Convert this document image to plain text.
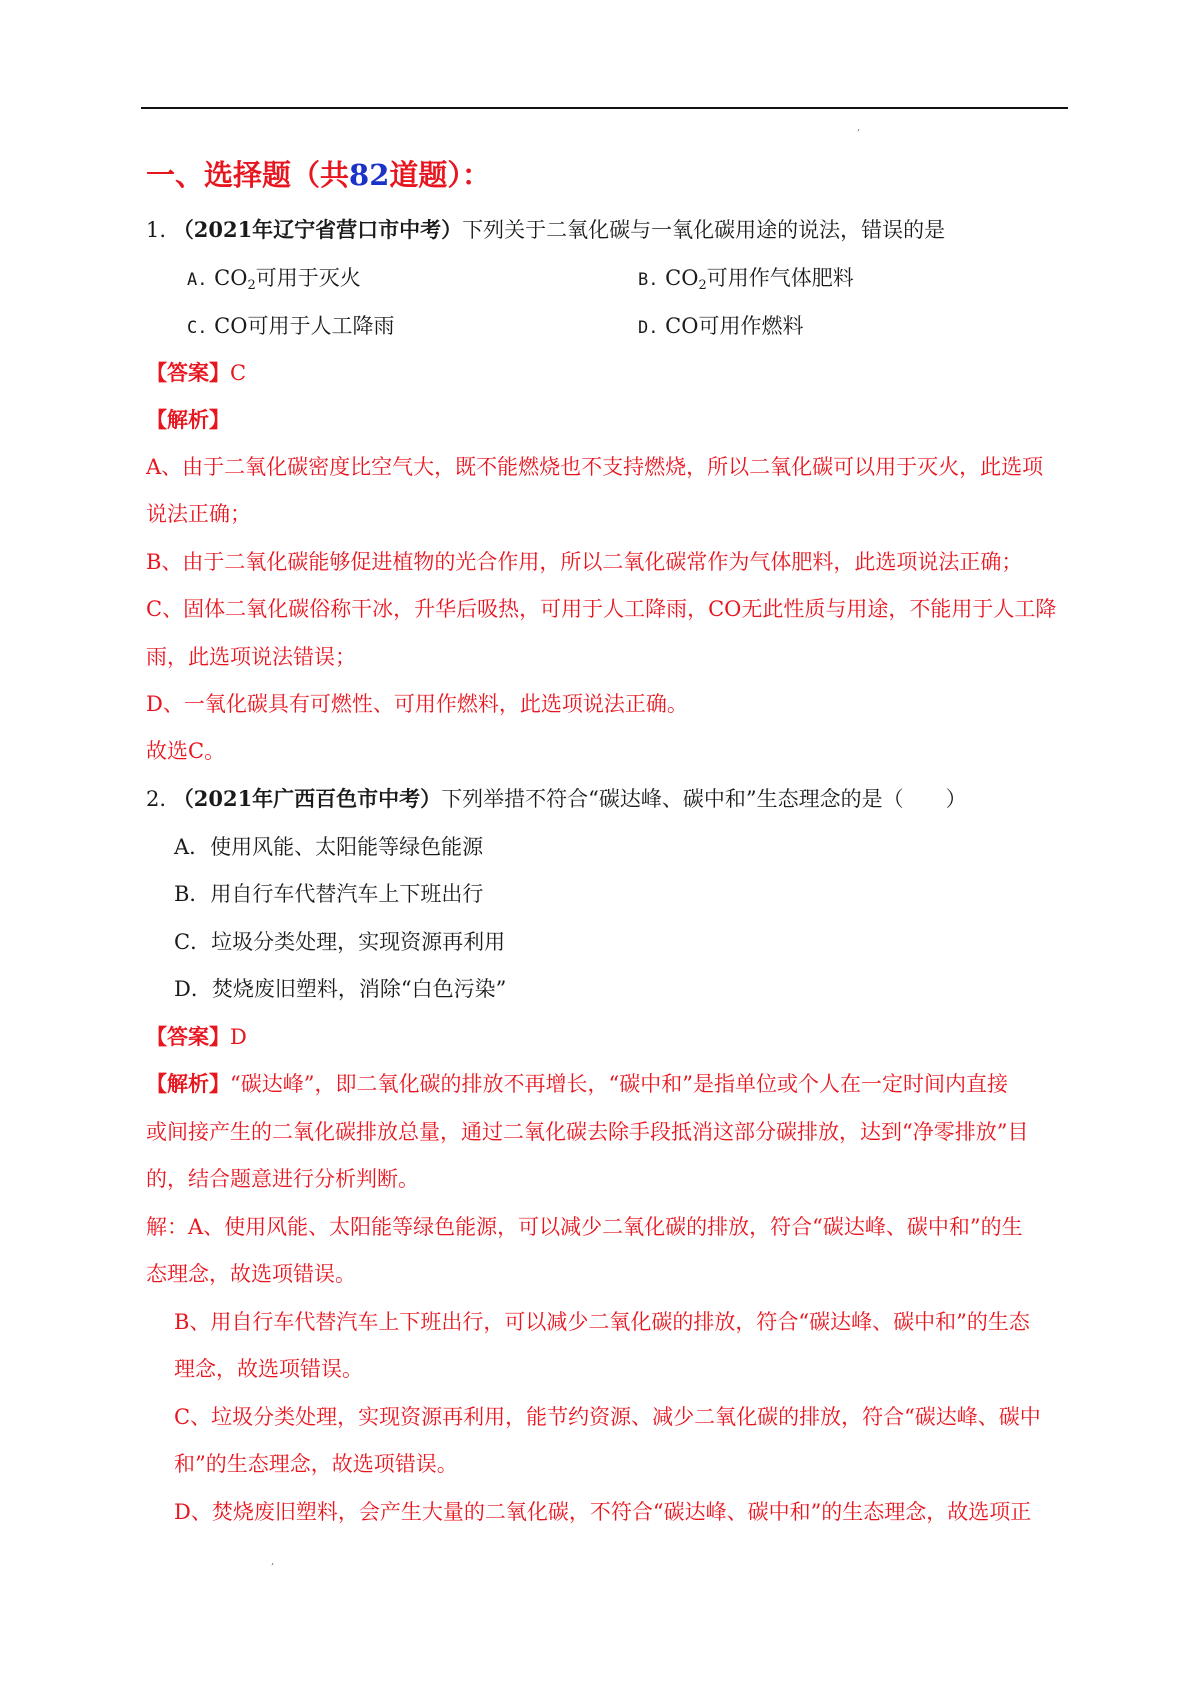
‚
一、选择题（共82道题）：
1. （2021年辽宁省营口市中考）下列关于二氧化碳与一氧化碳用途的说法，错误的是
A. $CO_2$可用于灭火	B. $CO_2$可用作气体肥料
C. CO可用于人工降雨	D. CO可用作燃料
【答案】C
【解析】
A、由于二氧化碳密度比空气大，既不能燃烧也不支持燃烧，所以二氧化碳可以用于灭火，此选项
说法正确；
B、由于二氧化碳能够促进植物的光合作用，所以二氧化碳常作为气体肥料，此选项说法正确；
C、固体二氧化碳俗称干冰，升华后吸热，可用于人工降雨，CO无此性质与用途，不能用于人工降
雨，此选项说法错误；
D、一氧化碳具有可燃性、可用作燃料，此选项说法正确。
故选C。
2. （2021年广西百色市中考）下列举措不符合“碳达峰、碳中和”生态理念的是（　　）
A．使用风能、太阳能等绿色能源
B．用自行车代替汽车上下班出行
C．垃圾分类处理，实现资源再利用
D．焚烧废旧塑料，消除“白色污染”
【答案】D
【解析】“碳达峰”，即二氧化碳的排放不再增长，“碳中和”是指单位或个人在一定时间内直接
或间接产生的二氧化碳排放总量，通过二氧化碳去除手段抵消这部分碳排放，达到“净零排放”目
的，结合题意进行分析判断。
解：A、使用风能、太阳能等绿色能源，可以减少二氧化碳的排放，符合“碳达峰、碳中和”的生
态理念，故选项错误。
B、用自行车代替汽车上下班出行，可以减少二氧化碳的排放，符合“碳达峰、碳中和”的生态
理念，故选项错误。
C、垃圾分类处理，实现资源再利用，能节约资源、减少二氧化碳的排放，符合“碳达峰、碳中
和”的生态理念，故选项错误。
D、焚烧废旧塑料，会产生大量的二氧化碳，不符合“碳达峰、碳中和”的生态理念，故选项正
‚
